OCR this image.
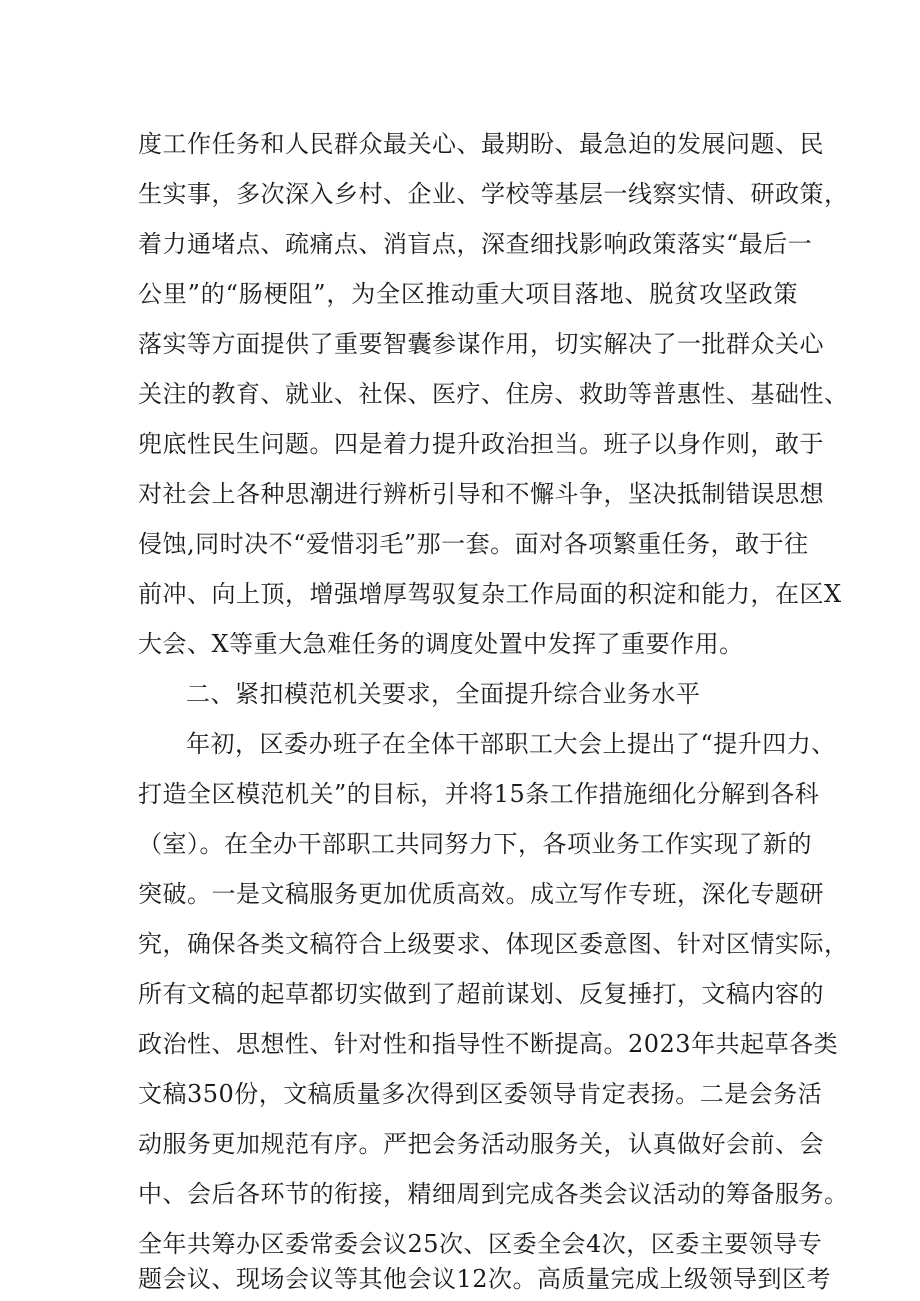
度工作任务和人民群众最关心、最期盼、最急迫的发展问题、民
生实事，多次深入乡村、企业、学校等基层一线察实情、研政策，
着力通堵点、疏痛点、消盲点，深查细找影响政策落实“最后一
公里”的“肠梗阻”，为全区推动重大项目落地、脱贫攻坚政策
落实等方面提供了重要智囊参谋作用，切实解决了一批群众关心
关注的教育、就业、社保、医疗、住房、救助等普惠性、基础性、
兜底性民生问题。四是着力提升政治担当。班子以身作则，敢于
对社会上各种思潮进行辨析引导和不懈斗争，坚决抵制错误思想
侵蚀,同时决不“爱惜羽毛”那一套。面对各项繁重任务，敢于往
前冲、向上顶，增强增厚驾驭复杂工作局面的积淀和能力，在区X
大会、X等重大急难任务的调度处置中发挥了重要作用。
二、紧扣模范机关要求，全面提升综合业务水平
年初，区委办班子在全体干部职工大会上提出了“提升四力、
打造全区模范机关”的目标，并将15条工作措施细化分解到各科
（室）。在全办干部职工共同努力下，各项业务工作实现了新的
突破。一是文稿服务更加优质高效。成立写作专班，深化专题研
究，确保各类文稿符合上级要求、体现区委意图、针对区情实际，
所有文稿的起草都切实做到了超前谋划、反复捶打，文稿内容的
政治性、思想性、针对性和指导性不断提高。2023年共起草各类
文稿350份，文稿质量多次得到区委领导肯定表扬。二是会务活
动服务更加规范有序。严把会务活动服务关，认真做好会前、会
中、会后各环节的衔接，精细周到完成各类会议活动的筹备服务。
全年共筹办区委常委会议25次、区委全会4次，区委主要领导专
题会议、现场会议等其他会议12次。高质量完成上级领导到区考
